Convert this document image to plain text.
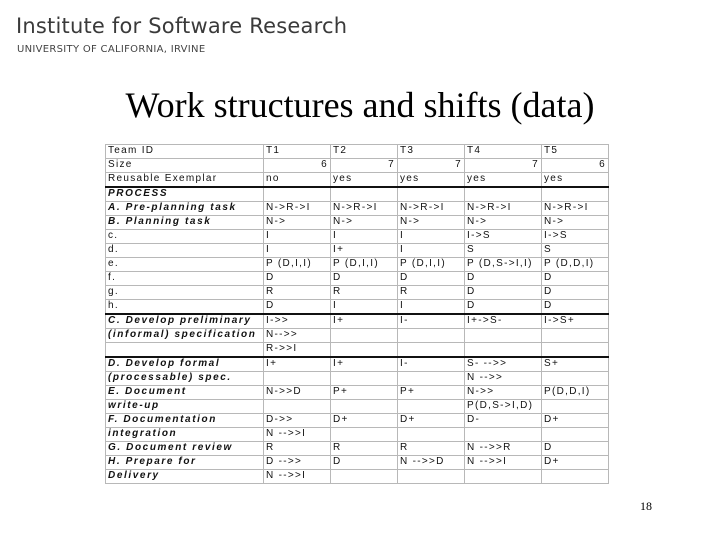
Institute for Software Research
UNIVERSITY OF CALIFORNIA, IRVINE
Work structures and shifts (data)
Team ID	T1	T2	T3	T4	T5
Size	6	7	7	7	6

Reusable Exemplar	no	yes	yes	yes	yes
PROCESS					
A. Pre-planning task	N->R->I	N->R->I	N->R->I	N->R->I	N->R->I
B. Planning task	N->	N->	N->	N->	N->
c.	I	I	I	I->S	I->S
d.	I	I+	I	S	S
e.	P (D,I,I)	P (D,I,I)	P (D,I,I)	P (D,S->I,I)	P (D,D,I)
f.	D	D	D	D	D
g.	R	R	R	D	D
h.	D	I	I	D	D
C. Develop preliminary	I->>	I+	I-	I+->S-	I->S+
(informal) specification	N-->>				
	R->>I				
D. Develop formal	I+	I+	I-	S- -->>	S+
(processable) spec.				N -->>	
E. Document	N->>D	P+	P+	N->>	P(D,D,I)
write-up				P(D,S->I,D)	
F. Documentation	D->>	D+	D+	D-	D+
integration	N -->>I				
G. Document review	R	R	R	N -->>R	D
H. Prepare for	D -->>	D	N -->>D	N -->>I	D+
Delivery	N -->>I				
18
